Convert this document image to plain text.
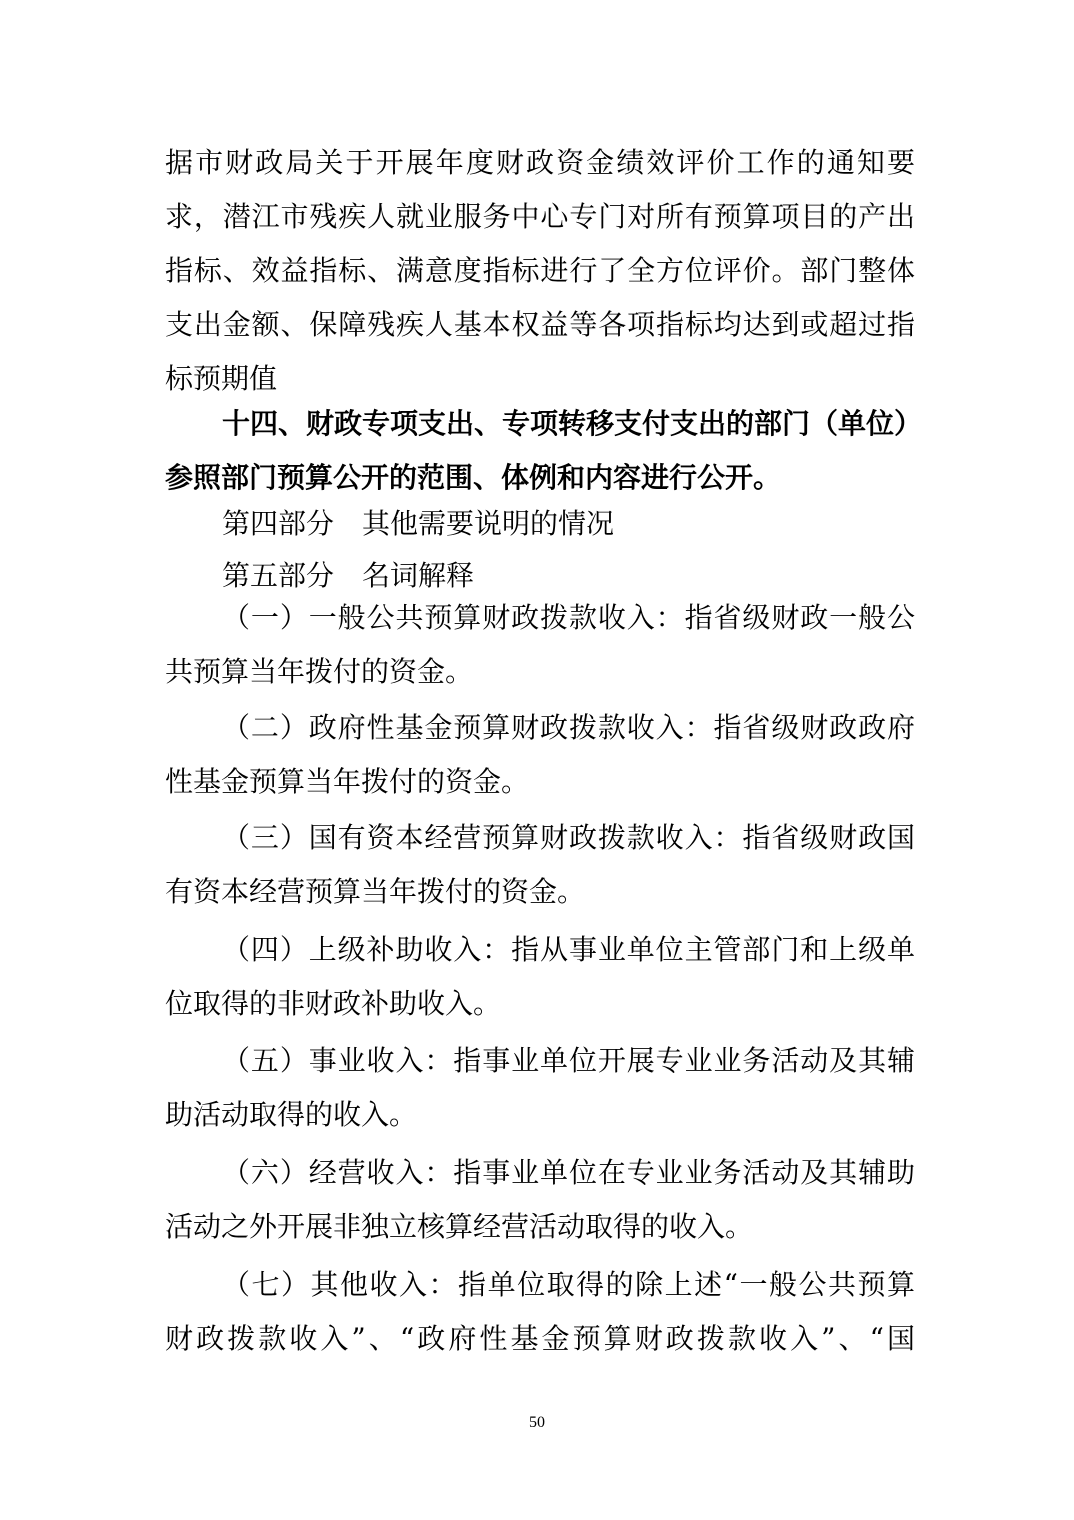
据市财政局关于开展年度财政资金绩效评价工作的通知要
求，潜江市残疾人就业服务中心专门对所有预算项目的产出
指标、效益指标、满意度指标进行了全方位评价。部门整体
支出金额、保障残疾人基本权益等各项指标均达到或超过指
标预期值
十四、财政专项支出、专项转移支付支出的部门（单位）
参照部门预算公开的范围、体例和内容进行公开。
第四部分　其他需要说明的情况
第五部分　名词解释
（一）一般公共预算财政拨款收入：指省级财政一般公
共预算当年拨付的资金。
（二）政府性基金预算财政拨款收入：指省级财政政府
性基金预算当年拨付的资金。
（三）国有资本经营预算财政拨款收入：指省级财政国
有资本经营预算当年拨付的资金。
（四）上级补助收入：指从事业单位主管部门和上级单
位取得的非财政补助收入。
（五）事业收入：指事业单位开展专业业务活动及其辅
助活动取得的收入。
（六）经营收入：指事业单位在专业业务活动及其辅助
活动之外开展非独立核算经营活动取得的收入。
（七）其他收入：指单位取得的除上述“一般公共预算
财政拨款收入”、“政府性基金预算财政拨款收入”、“国
50
